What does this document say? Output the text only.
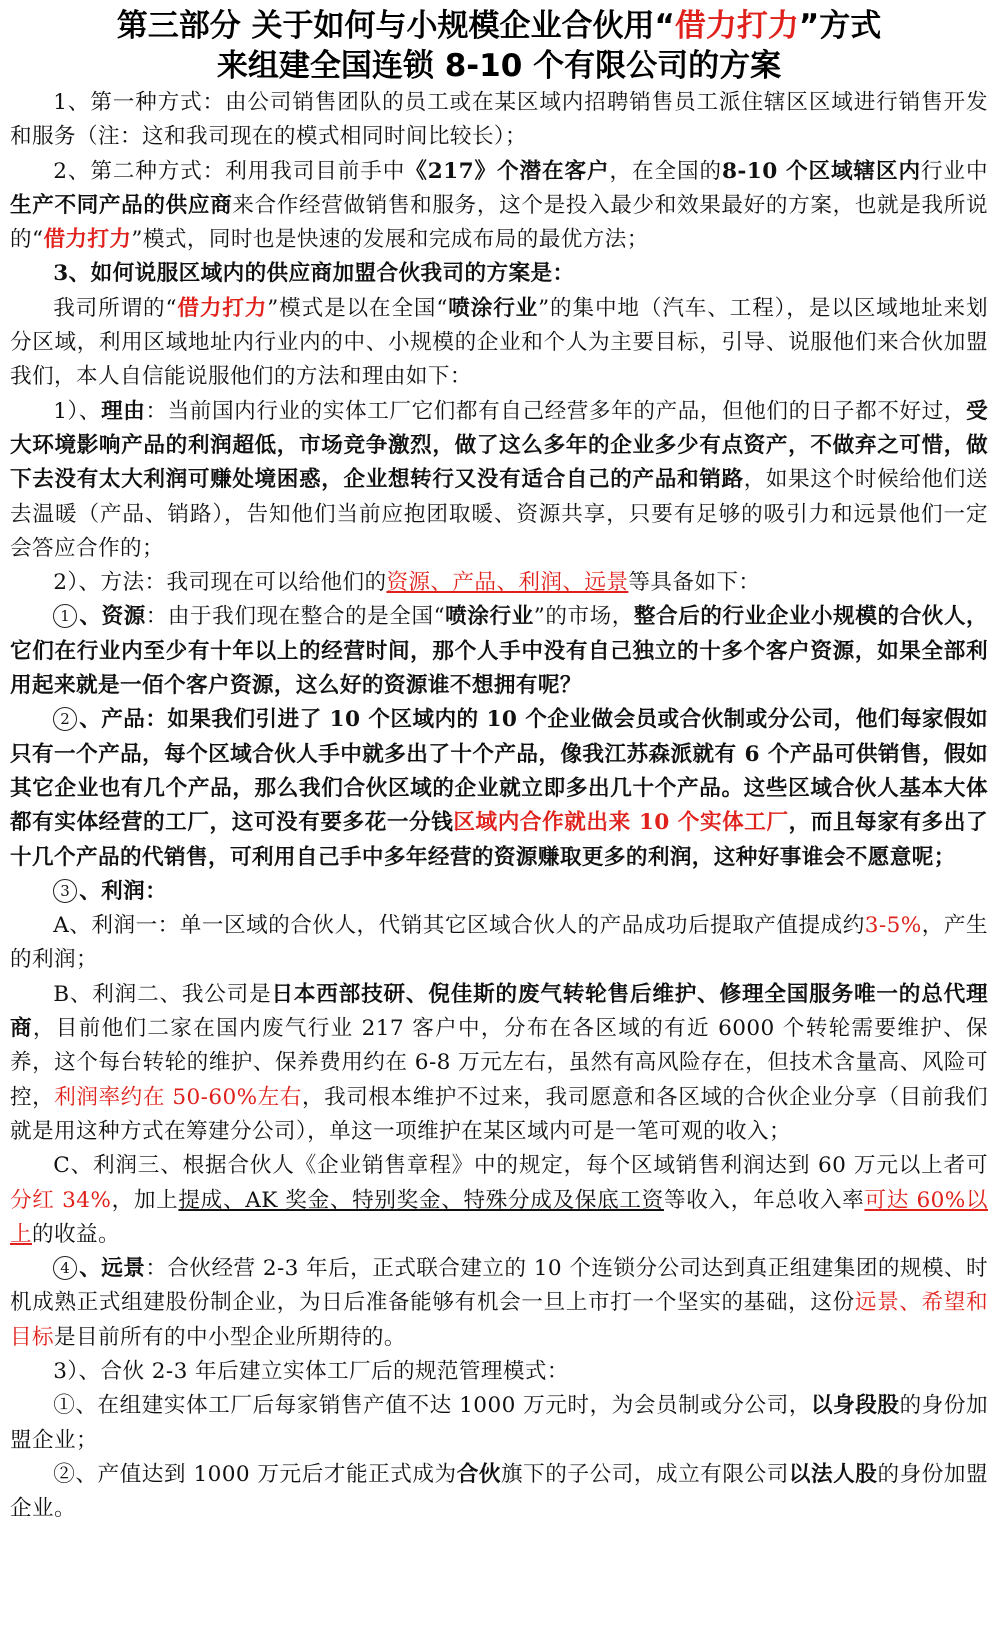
第三部分 关于如何与小规模企业合伙用“借力打力”方式
来组建全国连锁 8-10 个有限公司的方案

1、第一种方式：由公司销售团队的员工或在某区域内招聘销售员工派住辖区区域进行销售开发和服务（注：这和我司现在的模式相同时间比较长）；

2、第二种方式：利用我司目前手中《217》个潜在客户，在全国的8-10 个区域辖区内行业中生产不同产品的供应商来合作经营做销售和服务，这个是投入最少和效果最好的方案，也就是我所说的“借力打力”模式，同时也是快速的发展和完成布局的最优方法；

3、如何说服区域内的供应商加盟合伙我司的方案是：

我司所谓的“借力打力”模式是以在全国“喷涂行业”的集中地（汽车、工程），是以区域地址来划分区域，利用区域地址内行业内的中、小规模的企业和个人为主要目标，引导、说服他们来合伙加盟我们，本人自信能说服他们的方法和理由如下：

1）、理由：当前国内行业的实体工厂它们都有自己经营多年的产品，但他们的日子都不好过，受大环境影响产品的利润超低，市场竞争激烈，做了这么多年的企业多少有点资产，不做弃之可惜，做下去没有太大利润可赚处境困惑，企业想转行又没有适合自己的产品和销路，如果这个时候给他们送去温暖（产品、销路），告知他们当前应抱团取暖、资源共享，只要有足够的吸引力和远景他们一定会答应合作的；

2）、方法：我司现在可以给他们的资源、产品、利润、远景等具备如下：

1 、资源：由于我们现在整合的是全国“喷涂行业”的市场，整合后的行业企业小规模的合伙人，它们在行业内至少有十年以上的经营时间，那个人手中没有自己独立的十多个客户资源，如果全部利用起来就是一佰个客户资源，这么好的资源谁不想拥有呢？

2 、产品：如果我们引进了 10 个区域内的 10 个企业做会员或合伙制或分公司，他们每家假如只有一个产品，每个区域合伙人手中就多出了十个产品，像我江苏森派就有 6 个产品可供销售，假如其它企业也有几个产品，那么我们合伙区域的企业就立即多出几十个产品。这些区域合伙人基本大体都有实体经营的工厂，这可没有要多花一分钱区域内合作就出来 10 个实体工厂，而且每家有多出了十几个产品的代销售，可利用自己手中多年经营的资源赚取更多的利润，这种好事谁会不愿意呢；

3 、利润：

A、利润一：单一区域的合伙人，代销其它区域合伙人的产品成功后提取产值提成约3-5%，产生的利润；

B、利润二、我公司是日本西部技研、倪佳斯的废气转轮售后维护、修理全国服务唯一的总代理商，目前他们二家在国内废气行业 217 客户中，分布在各区域的有近 6000 个转轮需要维护、保养，这个每台转轮的维护、保养费用约在 6-8 万元左右，虽然有高风险存在，但技术含量高、风险可控，利润率约在 50-60%左右，我司根本维护不过来，我司愿意和各区域的合伙企业分享（目前我们就是用这种方式在筹建分公司），单这一项维护在某区域内可是一笔可观的收入；

C、利润三、根据合伙人《企业销售章程》中的规定，每个区域销售利润达到 60 万元以上者可分红 34%，加上提成、AK 奖金、特别奖金、特殊分成及保底工资等收入，年总收入率可达 60%以上的收益。

4 、远景：合伙经营 2-3 年后，正式联合建立的 10 个连锁分公司达到真正组建集团的规模、时机成熟正式组建股份制企业，为日后准备能够有机会一旦上市打一个坚实的基础，这份远景、希望和目标是目前所有的中小型企业所期待的。

3）、合伙 2-3 年后建立实体工厂后的规范管理模式：

①、在组建实体工厂后每家销售产值不达 1000 万元时，为会员制或分公司，以身段股的身份加盟企业；

②、产值达到 1000 万元后才能正式成为合伙旗下的子公司，成立有限公司以法人股的身份加盟企业。
